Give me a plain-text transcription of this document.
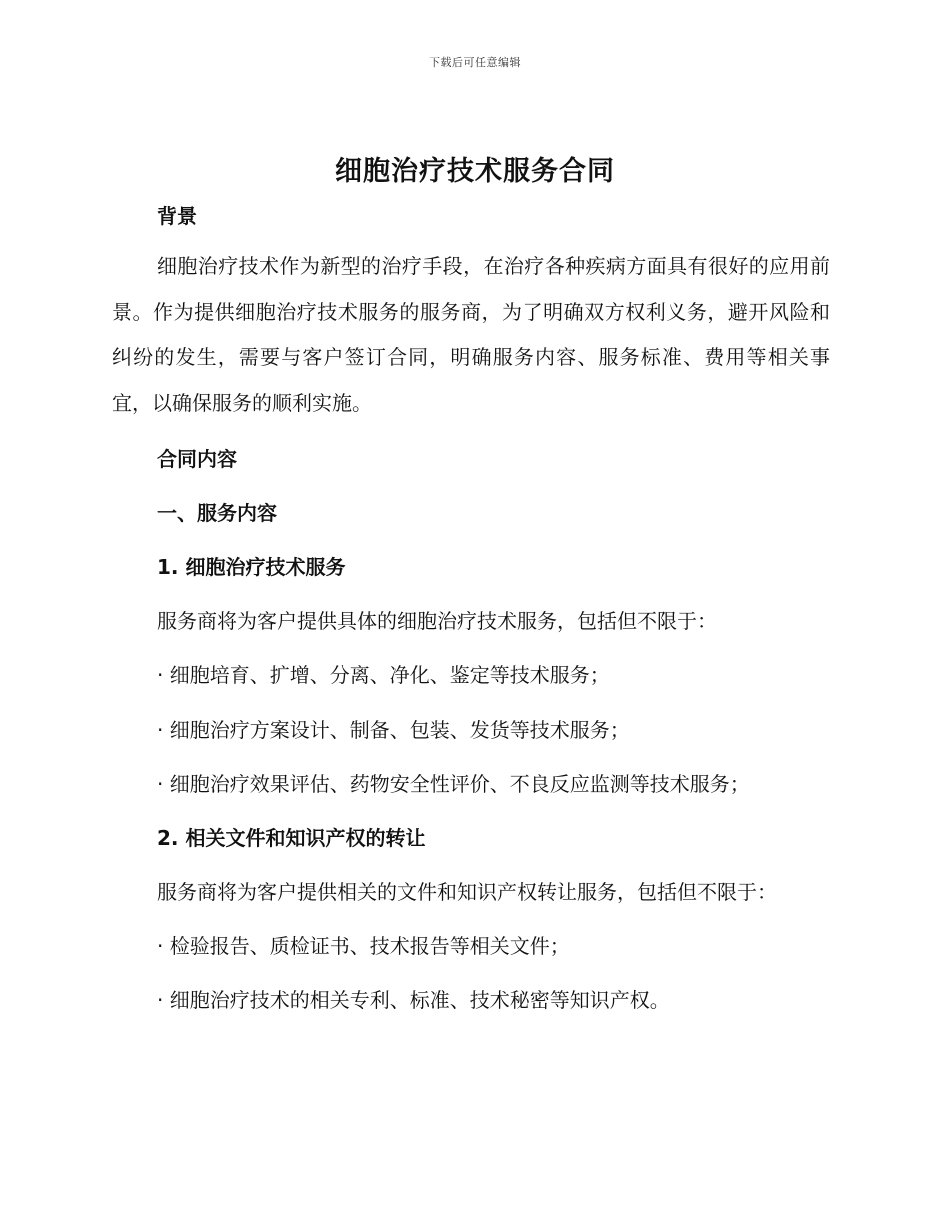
下载后可任意编辑
细胞治疗技术服务合同
背景
细胞治疗技术作为新型的治疗手段，在治疗各种疾病方面具有很好的应用前景。作为提供细胞治疗技术服务的服务商，为了明确双方权利义务，避开风险和纠纷的发生，需要与客户签订合同，明确服务内容、服务标准、费用等相关事宜，以确保服务的顺利实施。
合同内容
一、服务内容
1. 细胞治疗技术服务
服务商将为客户提供具体的细胞治疗技术服务，包括但不限于：
· 细胞培育、扩增、分离、净化、鉴定等技术服务；
· 细胞治疗方案设计、制备、包装、发货等技术服务；
· 细胞治疗效果评估、药物安全性评价、不良反应监测等技术服务；
2. 相关文件和知识产权的转让
服务商将为客户提供相关的文件和知识产权转让服务，包括但不限于：
· 检验报告、质检证书、技术报告等相关文件；
· 细胞治疗技术的相关专利、标准、技术秘密等知识产权。
